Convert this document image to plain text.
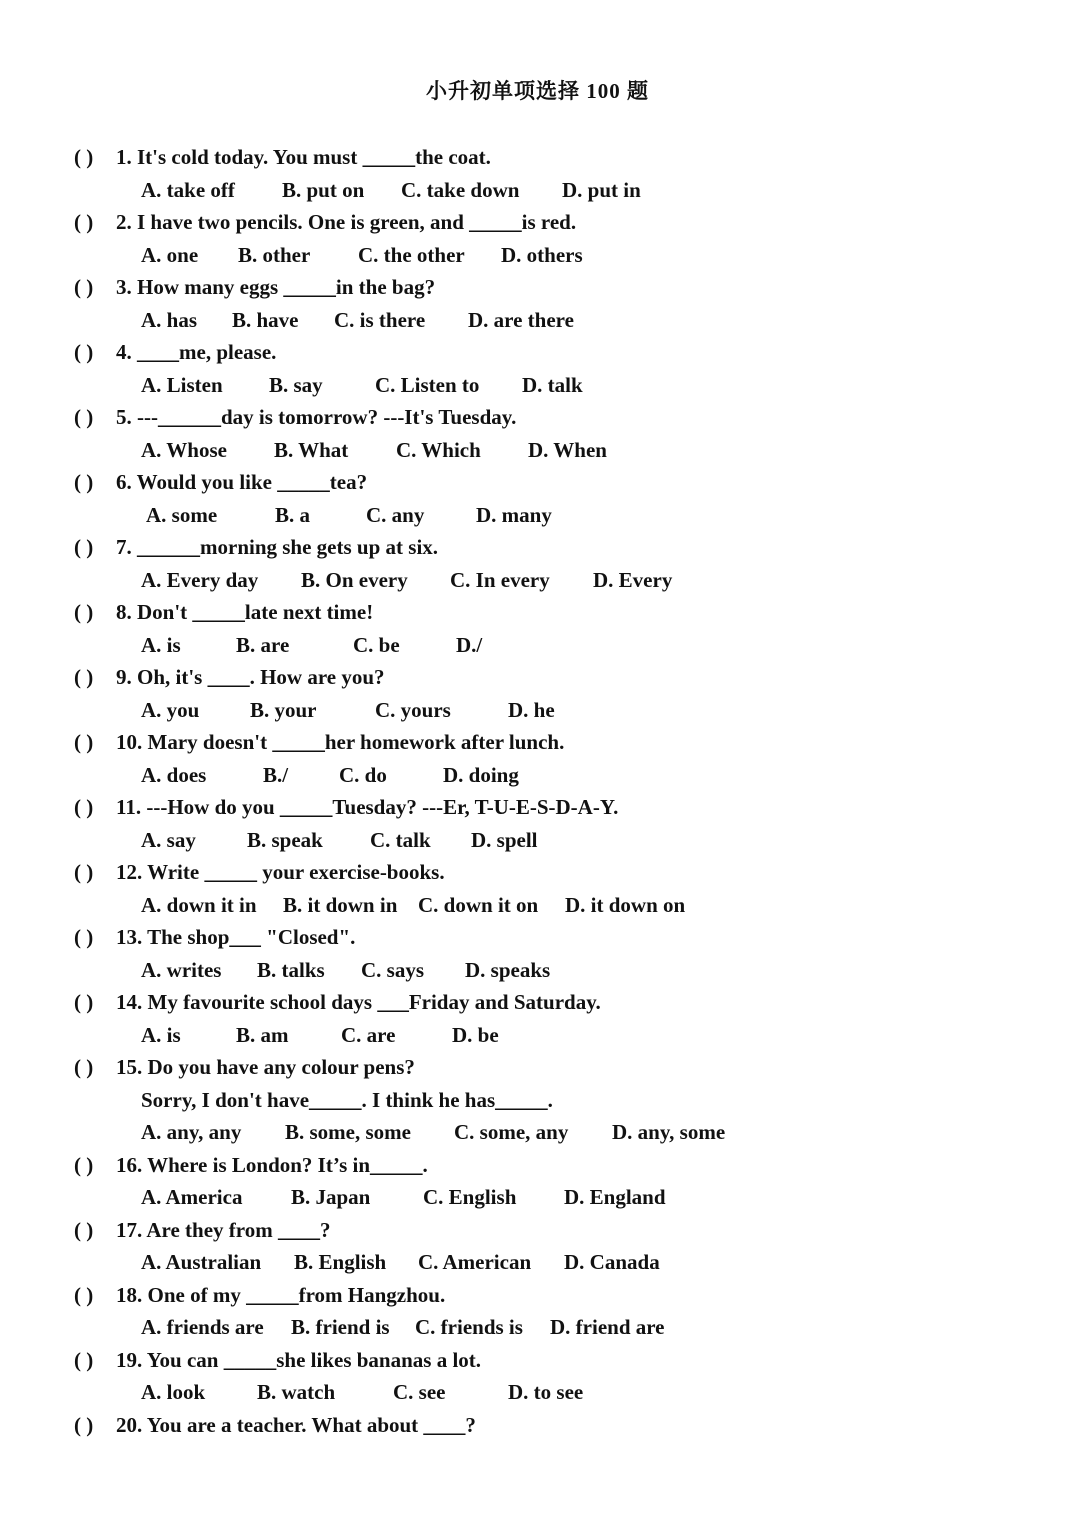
小升初单项选择 100 题
( ) 1. It's cold today. You must _____the coat.
A. take off B. put on C. take down D. put in
( ) 2. I have two pencils. One is green, and _____is red.
A. one B. other C. the other D. others
( ) 3. How many eggs _____in the bag?
A. has B. have C. is there D. are there
( ) 4. ____me, please.
A. Listen B. say C. Listen to D. talk
( ) 5. ---______day is tomorrow? ---It's Tuesday.
A. Whose B. What C. Which D. When
( ) 6. Would you like _____tea?
A. some	B. a	C. any D. many
( ) 7. ______morning she gets up at six.
A. Every day B. On every C. In every D. Every
( ) 8. Don't _____late next time!
A. is	B. are	C. be	D./
( ) 9. Oh, it's ____. How are you?
A. you B. your	C. yours	D. he
( ) 10. Mary doesn't _____her homework after lunch.
A. does	B./ C. do	D. doing
( ) 11. ---How do you _____Tuesday? ---Er, T-U-E-S-D-A-Y.
A. say B. speak C. talk D. spell
( ) 12. Write _____ your exercise-books.
A. down it in B. it down in C. down it on D. it down on
( ) 13. The shop___ "Closed".
A. writes B. talks C. says D. speaks
( ) 14. My favourite school days ___Friday and Saturday.
A. is	B. am	C. are	D. be
( ) 15. Do you have any colour pens?
Sorry, I don't have_____. I think he has_____.
A. any, any B. some, some C. some, any D. any, some
( ) 16. Where is London? It’s in_____.
A. America B. Japan	C. English D. England
( ) 17. Are they from ____?
A. Australian B. English C. American D. Canada
( ) 18. One of my _____from Hangzhou.
A. friends are B. friend is C. friends is D. friend are
( ) 19. You can _____she likes bananas a lot.
A. look B. watch	C. see	D. to see
( ) 20. You are a teacher. What about ____?
